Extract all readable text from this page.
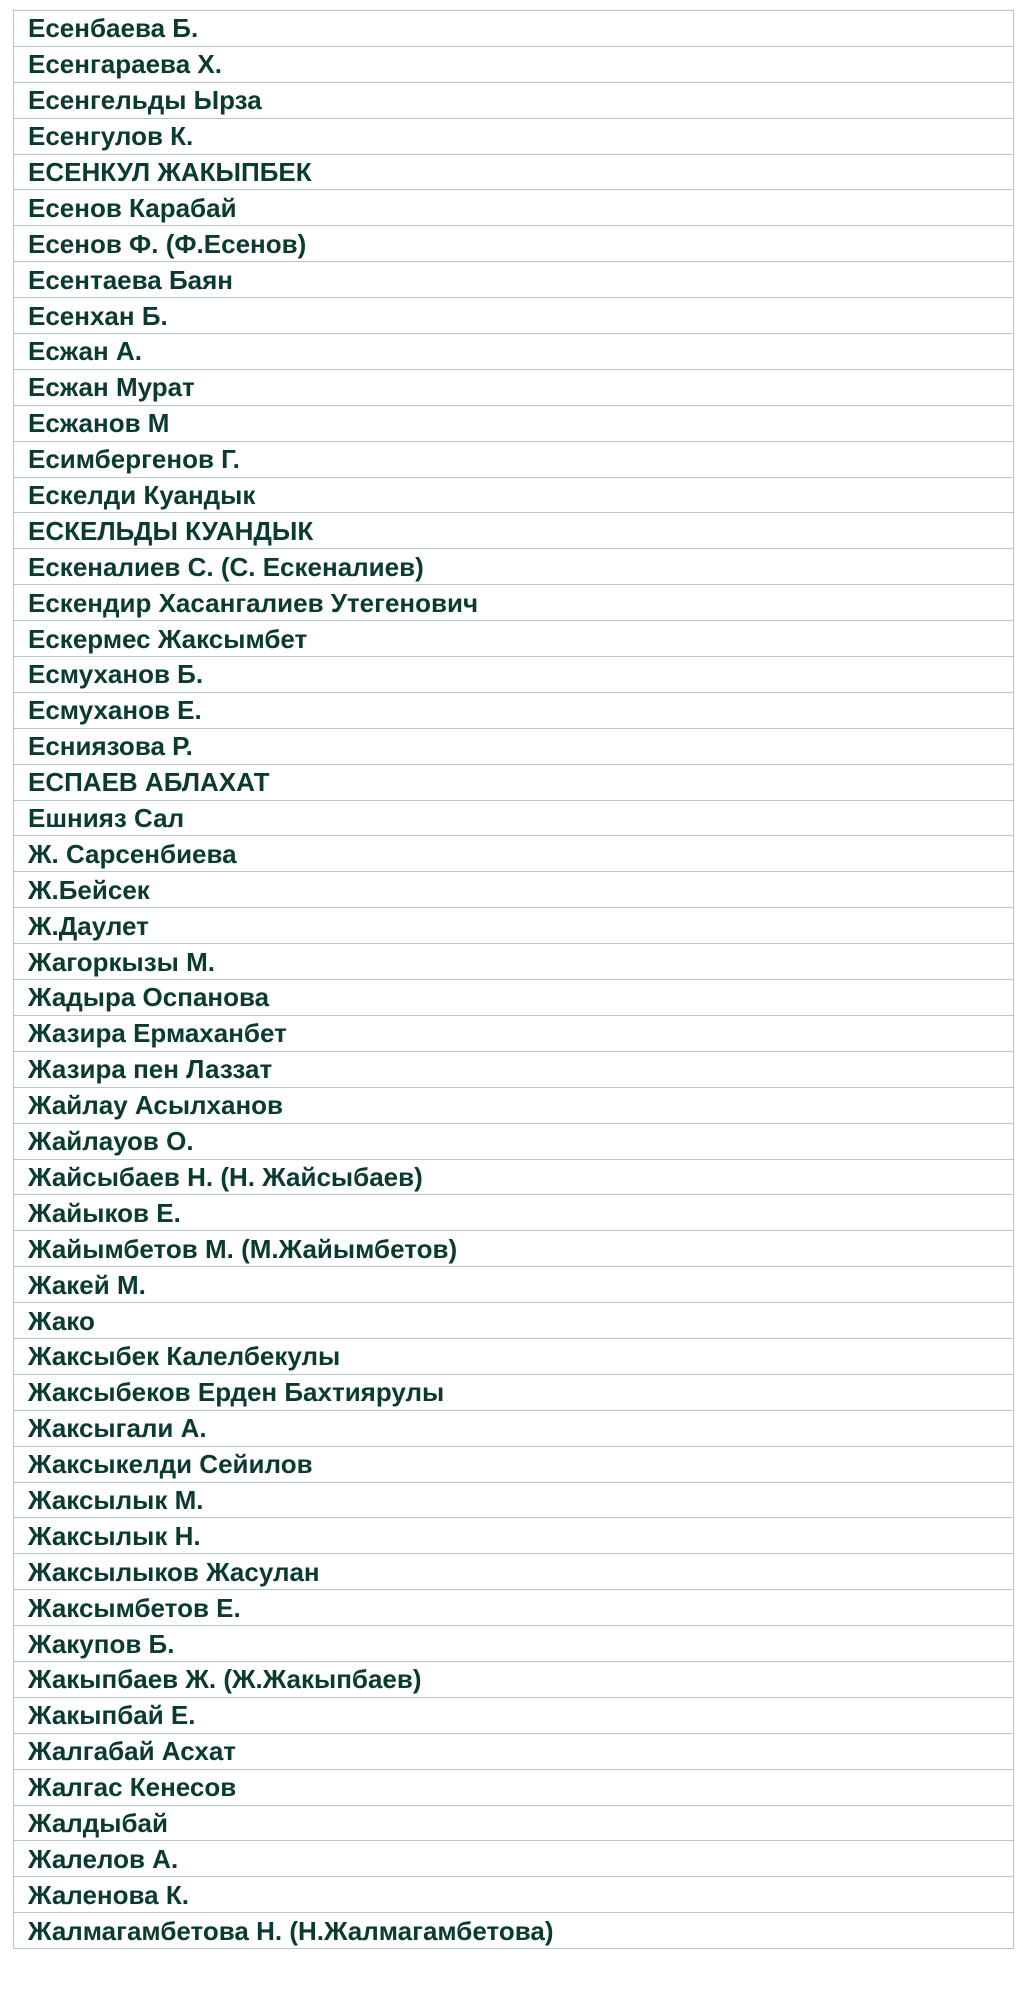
Есенбаева Б.
Есенгараева Х.
Есенгельды Ырза
Есенгулов К.
ЕСЕНКУЛ ЖАКЫПБЕК
Есенов Карабай
Есенов Ф. (Ф.Есенов)
Есентаева Баян
Есенхан Б.
Есжан А.
Есжан Мурат
Есжанов М
Есимбергенов Г.
Ескелди Куандык
ЕСКЕЛЬДЫ КУАНДЫК
Ескеналиев С. (С. Ескеналиев)
Ескендир Хасангалиев Утегенович
Ескермес Жаксымбет
Есмуханов Б.
Есмуханов Е.
Есниязова Р.
ЕСПАЕВ АБЛАХАТ
Ешнияз Сал
Ж. Сарсенбиева
Ж.Бейсек
Ж.Даулет
Жагоркызы М.
Жадыра Оспанова
Жазира Ермаханбет
Жазира пен Лаззат
Жайлау Асылханов
Жайлауов О.
Жайсыбаев Н. (Н. Жайсыбаев)
Жайыков Е.
Жайымбетов М. (М.Жайымбетов)
Жакей М.
Жако
Жаксыбек Калелбекулы
Жаксыбеков Ерден Бахтиярулы
Жаксыгали А.
Жаксыкелди Сейилов
Жаксылык М.
Жаксылык Н.
Жаксылыков Жасулан
Жаксымбетов Е.
Жакупов Б.
Жакыпбаев Ж. (Ж.Жакыпбаев)
Жакыпбай Е.
Жалгабай Асхат
Жалгас Кенесов
Жалдыбай
Жалелов А.
Жаленова К.
Жалмагамбетова Н. (Н.Жалмагамбетова)
